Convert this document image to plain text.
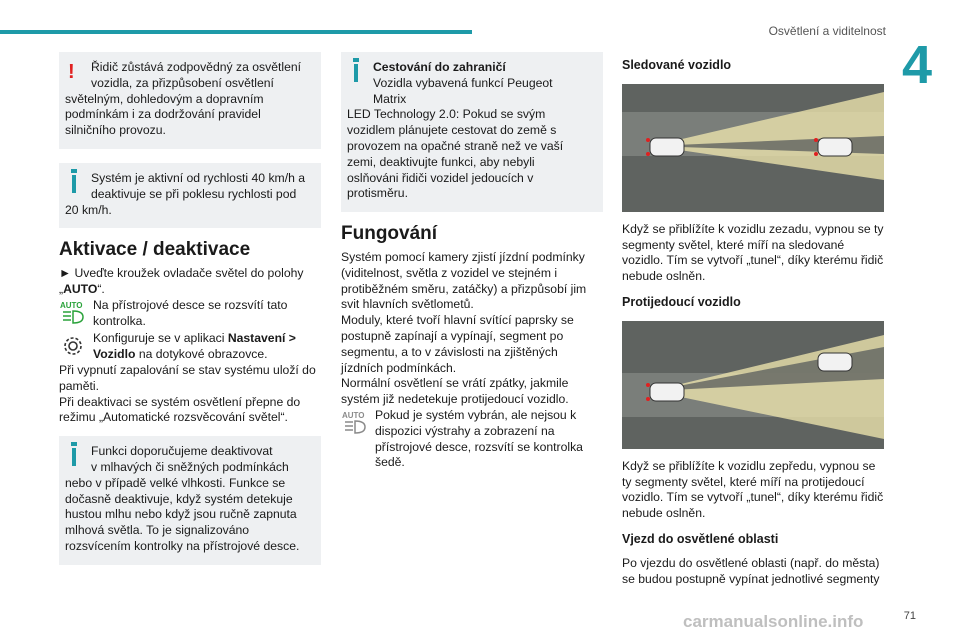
Osvětlení a viditelnost
4
!	Řidič zůstává zodpovědný za osvětlení

vozidla, za přizpůsobení osvětlení

světelným, dohledovým a dopravním podmínkám i za dodržování pravidel silničního provozu.

Systém je aktivní od rychlosti 40 km/h a

deaktivuje se při poklesu rychlosti pod

20 km/h.

Aktivace / deaktivace

► Uveďte kroužek ovladače světel do polohy „AUTO“.

AUTO Na přístrojové desce se rozsvítí tato kontrolka.

Konfiguruje se v aplikaci Nastavení > Vozidlo na dotykové obrazovce.

Při vypnutí zapalování se stav systému uloží do paměti.

Při deaktivaci se systém osvětlení přepne do režimu „Automatické rozsvěcování světel“.

Funkci doporučujeme deaktivovat

v mlhavých či sněžných podmínkách

nebo v případě velké vlhkosti. Funkce se dočasně deaktivuje, když systém detekuje hustou mlhu nebo když jsou ručně zapnuta mlhová světla. To je signalizováno rozsvícením kontrolky na přístrojové desce.

Cestování do zahraničí

Vozidla vybavená funkcí Peugeot Matrix

LED Technology 2.0: Pokud se svým vozidlem plánujete cestovat do země s provozem na opačné straně než ve vaší zemi, deaktivujte funkci, aby nebyli oslňováni řidiči vozidel jedoucích v protisměru.

Fungování

Systém pomocí kamery zjistí jízdní podmínky (viditelnost, světla z vozidel ve stejném i protiběžném směru, zatáčky) a přizpůsobí jim svit hlavních světlometů.

Moduly, které tvoří hlavní svítící paprsky se postupně zapínají a vypínají, segment po segmentu, a to v závislosti na zjištěných jízdních podmínkách.

Normální osvětlení se vrátí zpátky, jakmile systém již nedetekuje protijedoucí vozidlo.

AUTO Pokud je systém vybrán, ale nejsou k dispozici výstrahy a zobrazení na přístrojové desce, rozsvítí se kontrolka šedě.

Sledované vozidlo

Když se přiblížíte k vozidlu zezadu, vypnou se ty segmenty světel, které míří na sledované vozidlo. Tím se vytvoří „tunel“, díky kterému řidič nebude oslněn.

Protijedoucí vozidlo

Když se přiblížíte k vozidlu zepředu, vypnou se ty segmenty světel, které míří na protijedoucí vozidlo. Tím se vytvoří „tunel“, díky kterému řidič nebude oslněn.

Vjezd do osvětlené oblasti

Po vjezdu do osvětlené oblasti (např. do města) se budou postupně vypínat jednotlivé segmenty

carmanualsonline.info	71
